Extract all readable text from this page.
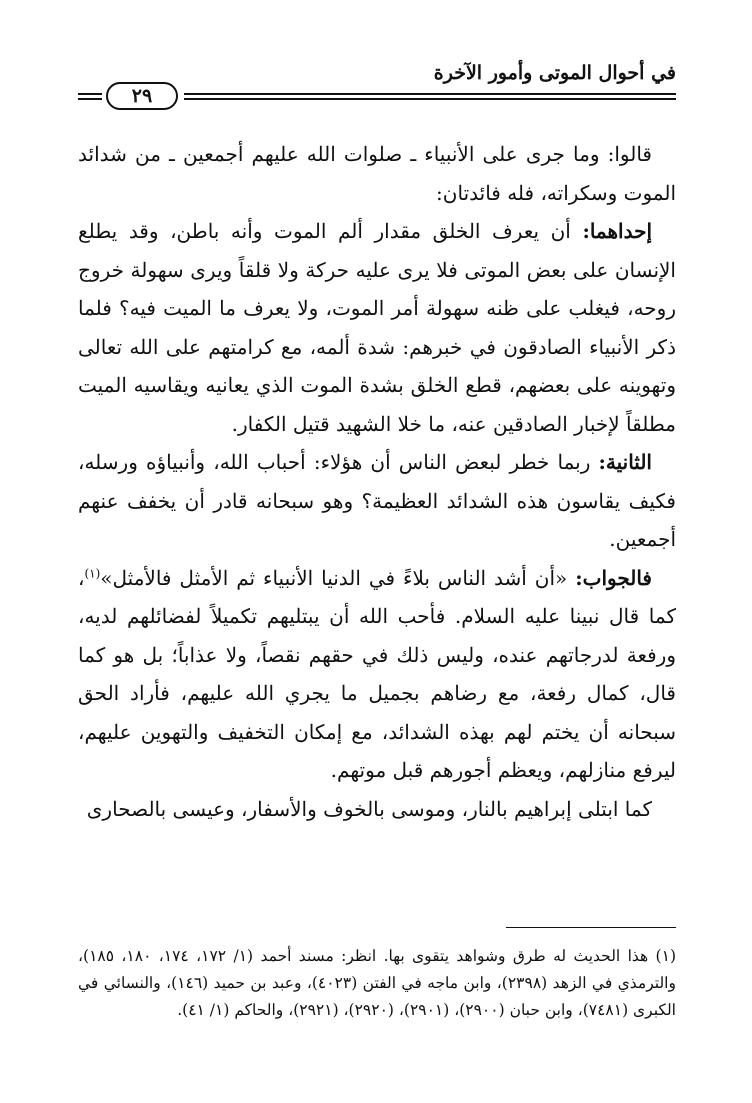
في أحوال الموتى وأمور الآخرة
٢٩

قالوا: وما جرى على الأنبياء ـ صلوات الله عليهم أجمعين ـ من شدائد الموت وسكراته، فله فائدتان:

إحداهما: أن يعرف الخلق مقدار ألم الموت وأنه باطن، وقد يطلع الإنسان على بعض الموتى فلا يرى عليه حركة ولا قلقاً ويرى سهولة خروج روحه، فيغلب على ظنه سهولة أمر الموت، ولا يعرف ما الميت فيه؟ فلما ذكر الأنبياء الصادقون في خبرهم: شدة ألمه، مع كرامتهم على الله تعالى وتهوينه على بعضهم، قطع الخلق بشدة الموت الذي يعانيه ويقاسيه الميت مطلقاً لإخبار الصادقين عنه، ما خلا الشهيد قتيل الكفار.

الثانية: ربما خطر لبعض الناس أن هؤلاء: أحباب الله، وأنبياؤه ورسله، فكيف يقاسون هذه الشدائد العظيمة؟ وهو سبحانه قادر أن يخفف عنهم أجمعين.

فالجواب: «أن أشد الناس بلاءً في الدنيا الأنبياء ثم الأمثل فالأمثل»$^{(١)}$، كما قال نبينا عليه السلام. فأحب الله أن يبتليهم تكميلاً لفضائلهم لديه، ورفعة لدرجاتهم عنده، وليس ذلك في حقهم نقصاً، ولا عذاباً؛ بل هو كما قال، كمال رفعة، مع رضاهم بجميل ما يجري الله عليهم، فأراد الحق سبحانه أن يختم لهم بهذه الشدائد، مع إمكان التخفيف والتهوين عليهم، ليرفع منازلهم، ويعظم أجورهم قبل موتهم.

كما ابتلى إبراهيم بالنار، وموسى بالخوف والأسفار، وعيسى بالصحارى

(١) هذا الحديث له طرق وشواهد يتقوى بها. انظر: مسند أحمد (١/ ١٧٢، ١٧٤، ١٨٠، ١٨٥)، والترمذي في الزهد (٢٣٩٨)، وابن ماجه في الفتن (٤٠٢٣)، وعبد بن حميد (١٤٦)، والنسائي في الكبرى (٧٤٨١)، وابن حبان (٢٩٠٠)، (٢٩٠١)، (٢٩٢٠)، (٢٩٢١)، والحاكم (١/ ٤١).
